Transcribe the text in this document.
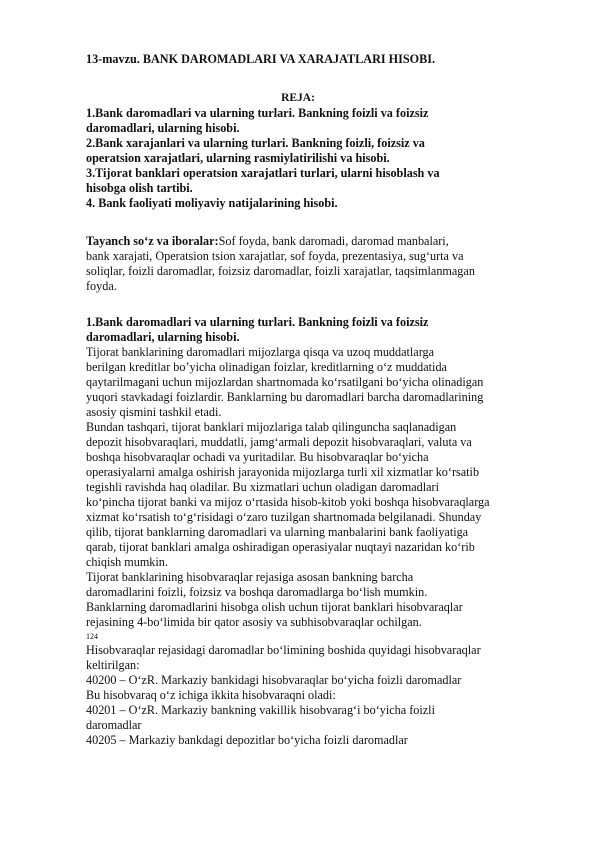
13-mavzu. BANK DAROMADLARI VA XARAJATLARI HISOBI.

REJA:

1.Bank daromadlari va ularning turlari. Bankning foizli va foizsiz

daromadlari, ularning hisobi.

2.Bank xarajanlari va ularning turlari. Bankning foizli, foizsiz va

operatsion xarajatlari, ularning rasmiylatirilishi va hisobi.

3.Tijorat banklari operatsion xarajatlari turlari, ularni hisoblash va

hisobga olish tartibi.

4. Bank faoliyati moliyaviy natijalarining hisobi.

Tayanch so‘z va iboralar:Sof foyda, bank daromadi, daromad manbalari,

bank xarajati, Operatsion tsion xarajatlar, sof foyda, prezentasiya, sug‘urta va

soliqlar, foizli daromadlar, foizsiz daromadlar, foizli xarajatlar, taqsimlanmagan

foyda.

1.Bank daromadlari va ularning turlari. Bankning foizli va foizsiz

daromadlari, ularning hisobi.

Tijorat banklarining daromadlari mijozlarga qisqa va uzoq muddatlarga

berilgan kreditlar bo’yicha olinadigan foizlar, kreditlarning o‘z muddatida

qaytarilmagani uchun mijozlardan shartnomada ko‘rsatilgani bo‘yicha olinadigan

yuqori stavkadagi foizlardir. Banklarning bu daromadlari barcha daromadlarining

asosiy qismini tashkil etadi.

Bundan tashqari, tijorat banklari mijozlariga talab qilinguncha saqlanadigan

depozit hisobvaraqlari, muddatli, jamg‘armali depozit hisobvaraqlari, valuta va

boshqa hisobvaraqlar ochadi va yuritadilar. Bu hisobvaraqlar bo‘yicha

operasiyalarni amalga oshirish jarayonida mijozlarga turli xil xizmatlar ko‘rsatib

tegishli ravishda haq oladilar. Bu xizmatlari uchun oladigan daromadlari

ko‘pincha tijorat banki va mijoz o‘rtasida hisob-kitob yoki boshqa hisobvaraqlarga

xizmat ko‘rsatish to‘g‘risidagi o‘zaro tuzilgan shartnomada belgilanadi. Shunday

qilib, tijorat banklarning daromadlari va ularning manbalarini bank faoliyatiga

qarab, tijorat banklari amalga oshiradigan operasiyalar nuqtayi nazaridan ko‘rib

chiqish mumkin.

Tijorat banklarining hisobvaraqlar rejasiga asosan bankning barcha

daromadlarini foizli, foizsiz va boshqa daromadlarga bo‘lish mumkin.

Banklarning daromadlarini hisobga olish uchun tijorat banklari hisobvaraqlar

rejasining 4-bo‘limida bir qator asosiy va subhisobvaraqlar ochilgan.

124

Hisobvaraqlar rejasidagi daromadlar bo‘limining boshida quyidagi hisobvaraqlar

keltirilgan:

40200 – O‘zR. Markaziy bankidagi hisobvaraqlar bo‘yicha foizli daromadlar

Bu hisobvaraq o‘z ichiga ikkita hisobvaraqni oladi:

40201 – O‘zR. Markaziy bankning vakillik hisobvarag‘i bo‘yicha foizli

daromadlar

40205 – Markaziy bankdagi depozitlar bo‘yicha foizli daromadlar
